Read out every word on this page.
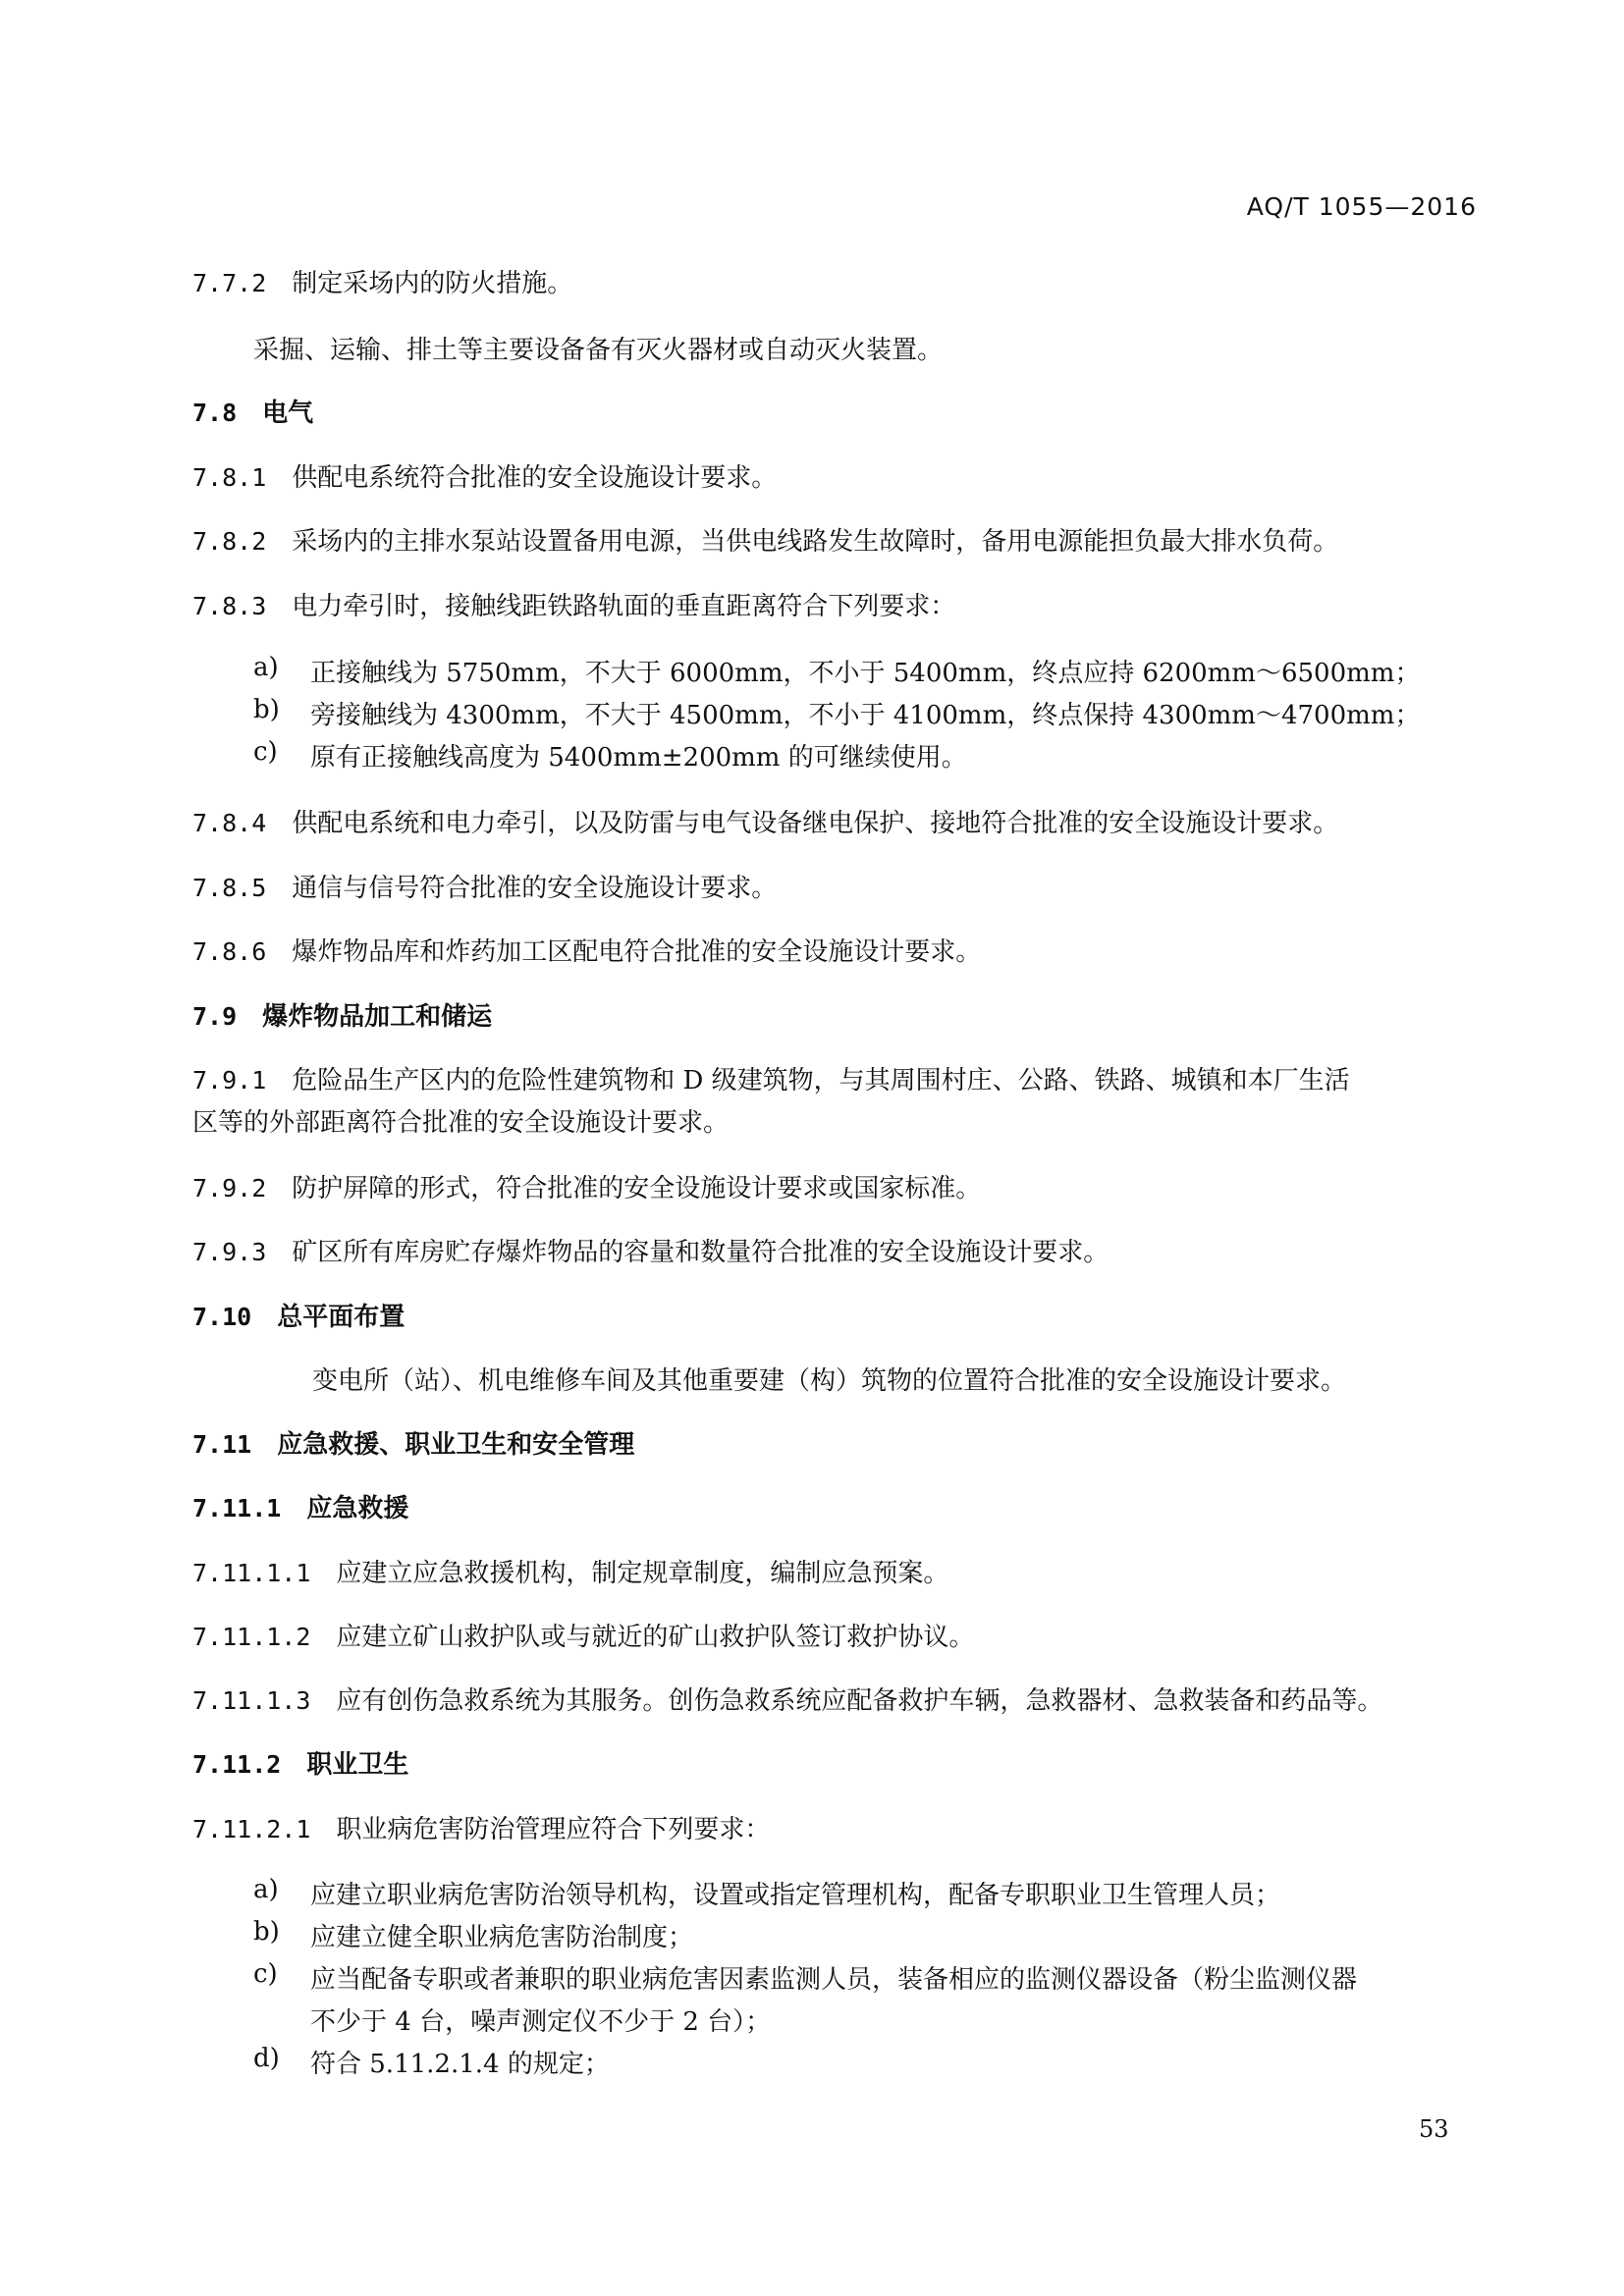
AQ/T 1055—2016
7.7.2 制定采场内的防火措施。
采掘、运输、排土等主要设备备有灭火器材或自动灭火装置。
7.8 电气
7.8.1 供配电系统符合批准的安全设施设计要求。
7.8.2 采场内的主排水泵站设置备用电源，当供电线路发生故障时，备用电源能担负最大排水负荷。
7.8.3 电力牵引时，接触线距铁路轨面的垂直距离符合下列要求：
a) 正接触线为 5750mm，不大于 6000mm，不小于 5400mm，终点应持 6200mm～6500mm；
b) 旁接触线为 4300mm，不大于 4500mm，不小于 4100mm，终点保持 4300mm～4700mm；
c) 原有正接触线高度为 5400mm±200mm 的可继续使用。
7.8.4 供配电系统和电力牵引，以及防雷与电气设备继电保护、接地符合批准的安全设施设计要求。
7.8.5 通信与信号符合批准的安全设施设计要求。
7.8.6 爆炸物品库和炸药加工区配电符合批准的安全设施设计要求。
7.9 爆炸物品加工和储运
7.9.1 危险品生产区内的危险性建筑物和 D 级建筑物，与其周围村庄、公路、铁路、城镇和本厂生活
区等的外部距离符合批准的安全设施设计要求。
7.9.2 防护屏障的形式，符合批准的安全设施设计要求或国家标准。
7.9.3 矿区所有库房贮存爆炸物品的容量和数量符合批准的安全设施设计要求。
7.10 总平面布置
变电所（站）、机电维修车间及其他重要建（构）筑物的位置符合批准的安全设施设计要求。
7.11 应急救援、职业卫生和安全管理
7.11.1 应急救援
7.11.1.1 应建立应急救援机构，制定规章制度，编制应急预案。
7.11.1.2 应建立矿山救护队或与就近的矿山救护队签订救护协议。
7.11.1.3 应有创伤急救系统为其服务。创伤急救系统应配备救护车辆，急救器材、急救装备和药品等。
7.11.2 职业卫生
7.11.2.1 职业病危害防治管理应符合下列要求：
a) 应建立职业病危害防治领导机构，设置或指定管理机构，配备专职职业卫生管理人员；
b) 应建立健全职业病危害防治制度；
c) 应当配备专职或者兼职的职业病危害因素监测人员，装备相应的监测仪器设备（粉尘监测仪器
不少于 4 台，噪声测定仪不少于 2 台）；
d) 符合 5.11.2.1.4 的规定；
53
